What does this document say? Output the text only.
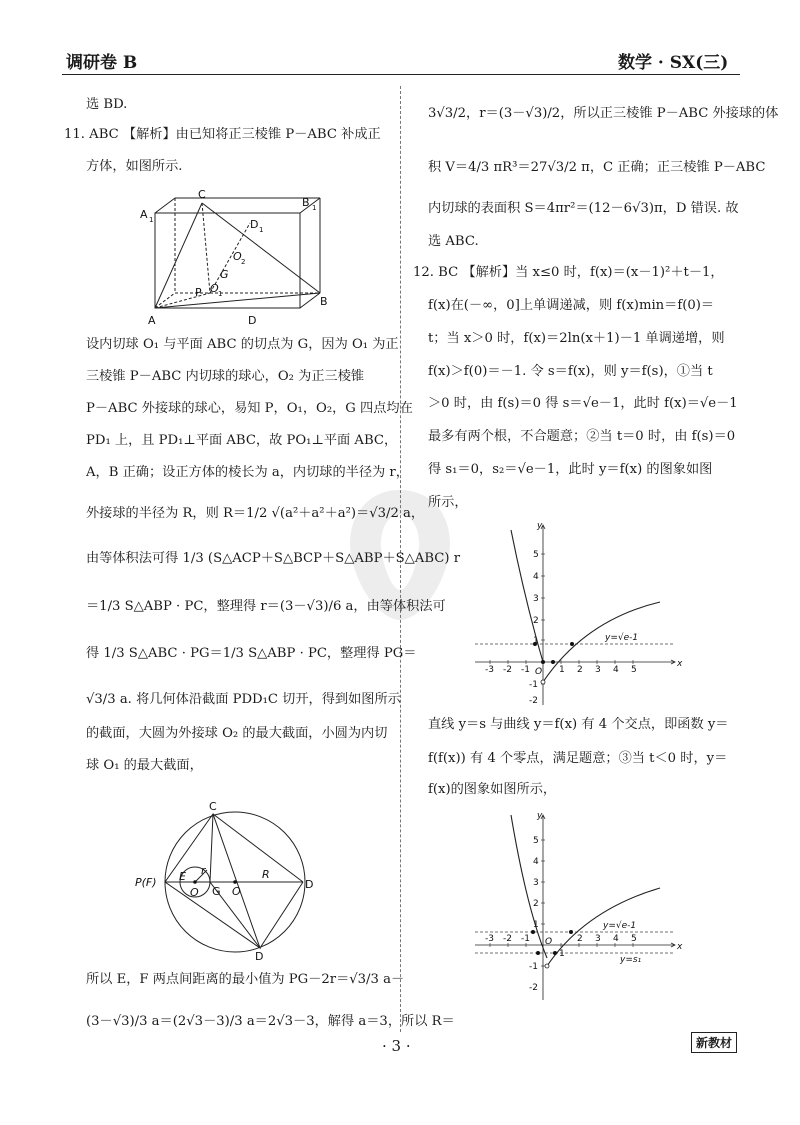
调研卷 B	数学 · SX(三)
选 BD.
11. ABC 【解析】由已知将正三棱锥 P－ABC 补成正
方体，如图所示.
C
B 1
A 1	D 1
O 2
G
P O 1
A	D
B
设内切球 O₁ 与平面 ABC 的切点为 G，因为 O₁ 为正
三棱锥 P－ABC 内切球的球心，O₂ 为正三棱锥
P－ABC 外接球的球心，易知 P，O₁，O₂，G 四点均在
PD₁ 上，且 PD₁⊥平面 ABC，故 PO₁⊥平面 ABC，
A，B 正确；设正方体的棱长为 a，内切球的半径为 r，
外接球的半径为 R，则 R＝1/2 √(a²＋a²＋a²)＝√3/2 a，
由等体积法可得 1/3 (S△ACP＋S△BCP＋S△ABP＋S△ABC) r
＝1/3 S△ABP · PC，整理得 r＝(3－√3)/6 a，由等体积法可
得 1/3 S△ABC · PG＝1/3 S△ABP · PC，整理得 PG＝
√3/3 a. 将几何体沿截面 PDD₁C 切开，得到如图所示
的截面，大圆为外接球 O₂ 的最大截面，小圆为内切
球 O₁ 的最大截面，
C
P(F) E r
O G O
R
D
D
所以 E，F 两点间距离的最小值为 PG－2r＝√3/3 a－
(3－√3)/3 a＝(2√3－3)/3 a＝2√3－3，解得 a＝3，所以 R＝
3√3/2，r＝(3－√3)/2，所以正三棱锥 P－ABC 外接球的体
积 V＝4/3 πR³＝27√3/2 π，C 正确；正三棱锥 P－ABC
内切球的表面积 S＝4πr²＝(12－6√3)π，D 错误. 故
选 ABC.
12. BC 【解析】当 x≤0 时，f(x)＝(x－1)²＋t－1，
f(x)在(－∞，0]上单调递减，则 f(x)min＝f(0)＝
t；当 x＞0 时，f(x)＝2ln(x＋1)－1 单调递增，则
f(x)＞f(0)＝－1. 令 s＝f(x)，则 y＝f(s)，①当 t
＞0 时，由 f(s)＝0 得 s＝√e－1，此时 f(x)＝√e－1
最多有两个根，不合题意；②当 t＝0 时，由 f(s)＝0
得 s₁＝0，s₂＝√e－1，此时 y＝f(x) 的图象如图
所示，
y
x
O
5
4
3
2
1
-1
-2
-3 -2 -1	1 2 3 4 5
y=√e-1
直线 y＝s 与曲线 y＝f(x) 有 4 个交点，即函数 y＝
f(f(x)) 有 4 个零点，满足题意；③当 t＜0 时，y＝
f(x)的图象如图所示，
y
x
O
5
4
3
2
1
-1
-2
-3 -2 -1
1
2 3 4 5
y=√e-1
y=s₁
· 3 ·	新教材
